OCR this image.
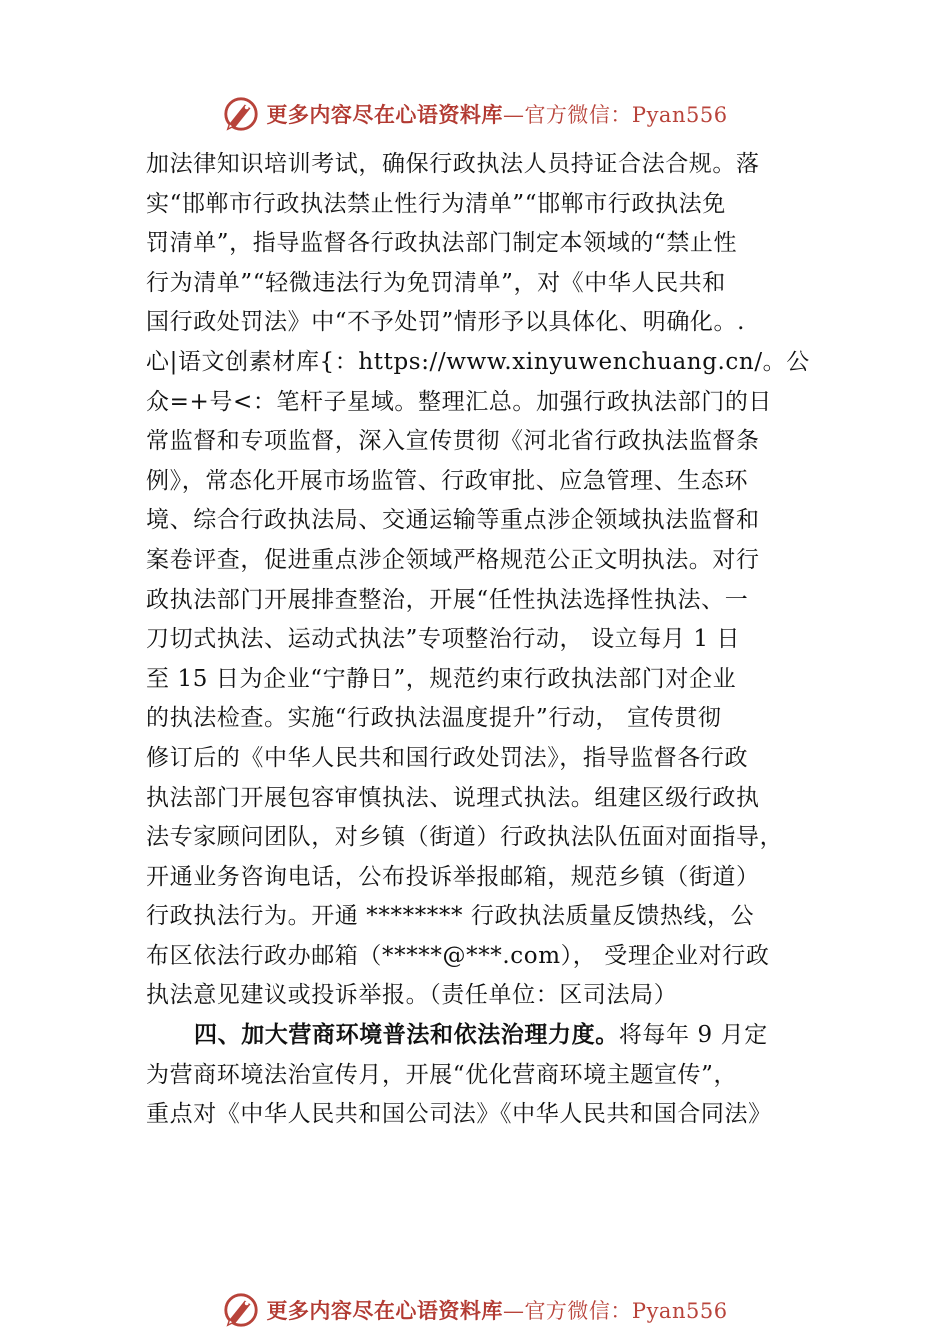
更多内容尽在心语资料库—官方微信：Pyan556
加法律知识培训考试，确保行政执法人员持证合法合规。落
实“邯郸市行政执法禁止性行为清单”“邯郸市行政执法免
罚清单”，指导监督各行政执法部门制定本领域的“禁止性
行为清单”“轻微违法行为免罚清单”，对《中华人民共和
国行政处罚法》中“不予处罚”情形予以具体化、明确化。.
心|语文创素材库{：https://www.xinyuwenchuang.cn/。公
众=+号<：笔杆子星域。整理汇总。加强行政执法部门的日
常监督和专项监督，深入宣传贯彻《河北省行政执法监督条
例》，常态化开展市场监管、行政审批、应急管理、生态环
境、综合行政执法局、交通运输等重点涉企领域执法监督和
案卷评查，促进重点涉企领域严格规范公正文明执法。对行
政执法部门开展排查整治，开展“任性执法选择性执法、一
刀切式执法、运动式执法”专项整治行动， 设立每月 1 日
至 15 日为企业“宁静日”，规范约束行政执法部门对企业
的执法检查。实施“行政执法温度提升”行动， 宣传贯彻
修订后的《中华人民共和国行政处罚法》，指导监督各行政
执法部门开展包容审慎执法、说理式执法。组建区级行政执
法专家顾问团队，对乡镇（街道）行政执法队伍面对面指导，
开通业务咨询电话，公布投诉举报邮箱，规范乡镇（街道）
行政执法行为。开通 ******** 行政执法质量反馈热线，公
布区依法行政办邮箱（*****@***.com）， 受理企业对行政
执法意见建议或投诉举报。（责任单位：区司法局）
四、加大营商环境普法和依法治理力度。将每年 9 月定
为营商环境法治宣传月，开展“优化营商环境主题宣传”，
重点对《中华人民共和国公司法》《中华人民共和国合同法》
更多内容尽在心语资料库—官方微信：Pyan556
